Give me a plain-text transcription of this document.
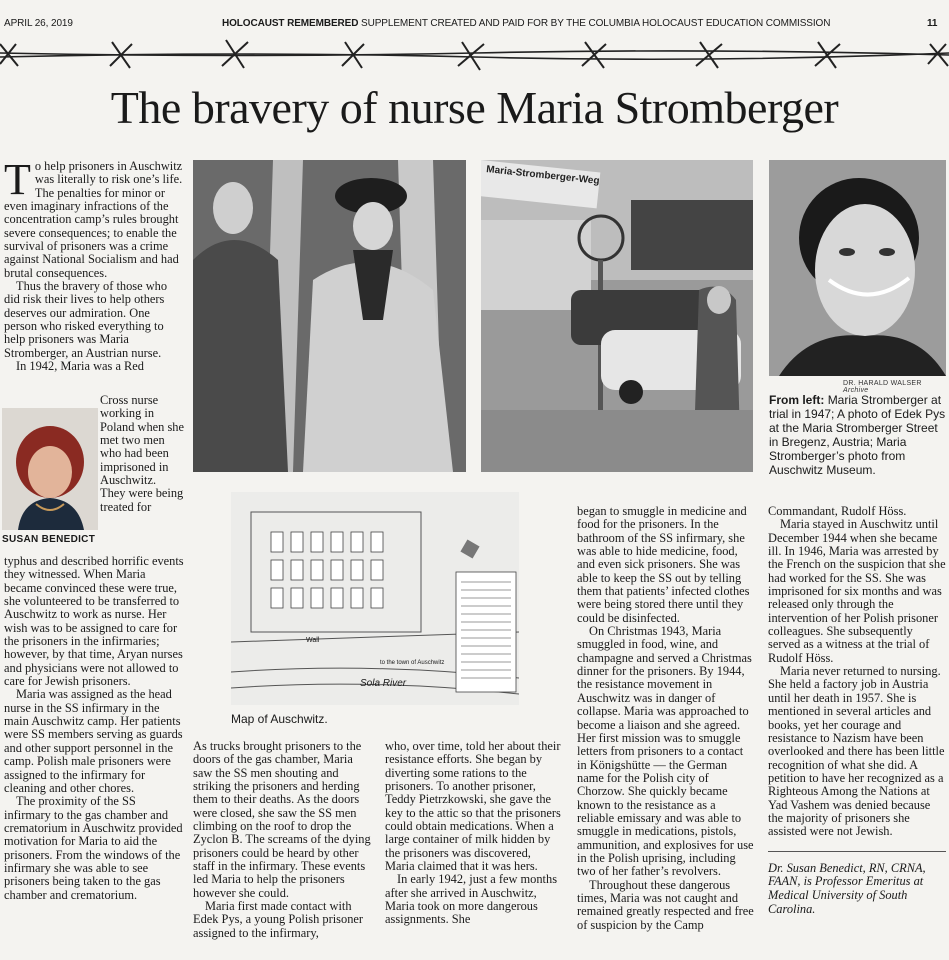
APRIL 26, 2019	HOLOCAUST REMEMBERED SUPPLEMENT CREATED AND PAID FOR BY THE COLUMBIA HOLOCAUST EDUCATION COMMISSION	11
The bravery of nurse Maria Stromberger

To help prisoners in Auschwitz was literally to risk one’s life. The penalties for minor or even imaginary infractions of the concentration camp’s rules brought severe consequences; to enable the survival of prisoners was a crime against National Socialism and had brutal consequences.

Thus the bravery of those who did risk their lives to help others deserves our admiration. One person who risked everything to help prisoners was Maria Stromberger, an Austrian nurse.

In 1942, Maria was a Red

SUSAN BENEDICT

Cross nurse working in Poland when she met two men who had been imprisoned in Auschwitz. They were being treated for

typhus and described horrific events they witnessed. When Maria became convinced these were true, she volunteered to be transferred to Auschwitz to work as nurse. Her wish was to be assigned to care for the prisoners in the infirmaries; however, by that time, Aryan nurses and physicians were not allowed to care for Jewish prisoners.

Maria was assigned as the head nurse in the SS infirmary in the main Auschwitz camp. Her patients were SS members serving as guards and other support personnel in the camp. Polish male prisoners were assigned to the infirmary for cleaning and other chores.

The proximity of the SS infirmary to the gas chamber and crematorium in Auschwitz provided motivation for Maria to aid the prisoners. From the windows of the infirmary she was able to see prisoners being taken to the gas chamber and crematorium.

Maria-Stromberger-Weg
DR. HARALD WALSER Archive
From left: Maria Stromberger at trial in 1947; A photo of Edek Pys at the Maria Stromberger Street in Bregenz, Austria; Maria Stromberger’s photo from Auschwitz Museum.
Wall
to the town of Auschwitz
Sola River
Map of Auschwitz.

As trucks brought prisoners to the doors of the gas chamber, Maria saw the SS men shouting and striking the prisoners and herding them to their deaths. As the doors were closed, she saw the SS men climbing on the roof to drop the Zyclon B. The screams of the dying prisoners could be heard by other staff in the infirmary. These events led Maria to help the prisoners however she could.

Maria first made contact with Edek Pys, a young Polish prisoner assigned to the infirmary,

who, over time, told her about their resistance efforts. She began by diverting some rations to the prisoners. To another prisoner, Teddy Pietrzkowski, she gave the key to the attic so that the prisoners could obtain medications. When a large container of milk hidden by the prisoners was discovered, Maria claimed that it was hers.

In early 1942, just a few months after she arrived in Auschwitz, Maria took on more dangerous assignments. She

began to smuggle in medicine and food for the prisoners. In the bathroom of the SS infirmary, she was able to hide medicine, food, and even sick prisoners. She was able to keep the SS out by telling them that patients’ infected clothes were being stored there until they could be disinfected.

On Christmas 1943, Maria smuggled in food, wine, and champagne and served a Christmas dinner for the prisoners. By 1944, the resistance movement in Auschwitz was in danger of collapse. Maria was approached to become a liaison and she agreed. Her first mission was to smuggle letters from prisoners to a contact in Königshütte — the German name for the Polish city of Chorzow. She quickly became known to the resistance as a reliable emissary and was able to smuggle in medications, pistols, ammunition, and explosives for use in the Polish uprising, including two of her father’s revolvers.

Throughout these dangerous times, Maria was not caught and remained greatly respected and free of suspicion by the Camp

Commandant, Rudolf Höss.

Maria stayed in Auschwitz until December 1944 when she became ill. In 1946, Maria was arrested by the French on the suspicion that she had worked for the SS. She was imprisoned for six months and was released only through the intervention of her Polish prisoner colleagues. She subsequently served as a witness at the trial of Rudolf Höss.

Maria never returned to nursing. She held a factory job in Austria until her death in 1957. She is mentioned in several articles and books, yet her courage and resistance to Nazism have been overlooked and there has been little recognition of what she did. A petition to have her recognized as a Righteous Among the Nations at Yad Vashem was denied because the majority of prisoners she assisted were not Jewish.

Dr. Susan Benedict, RN, CRNA, FAAN, is Professor Emeritus at Medical University of South Carolina.
